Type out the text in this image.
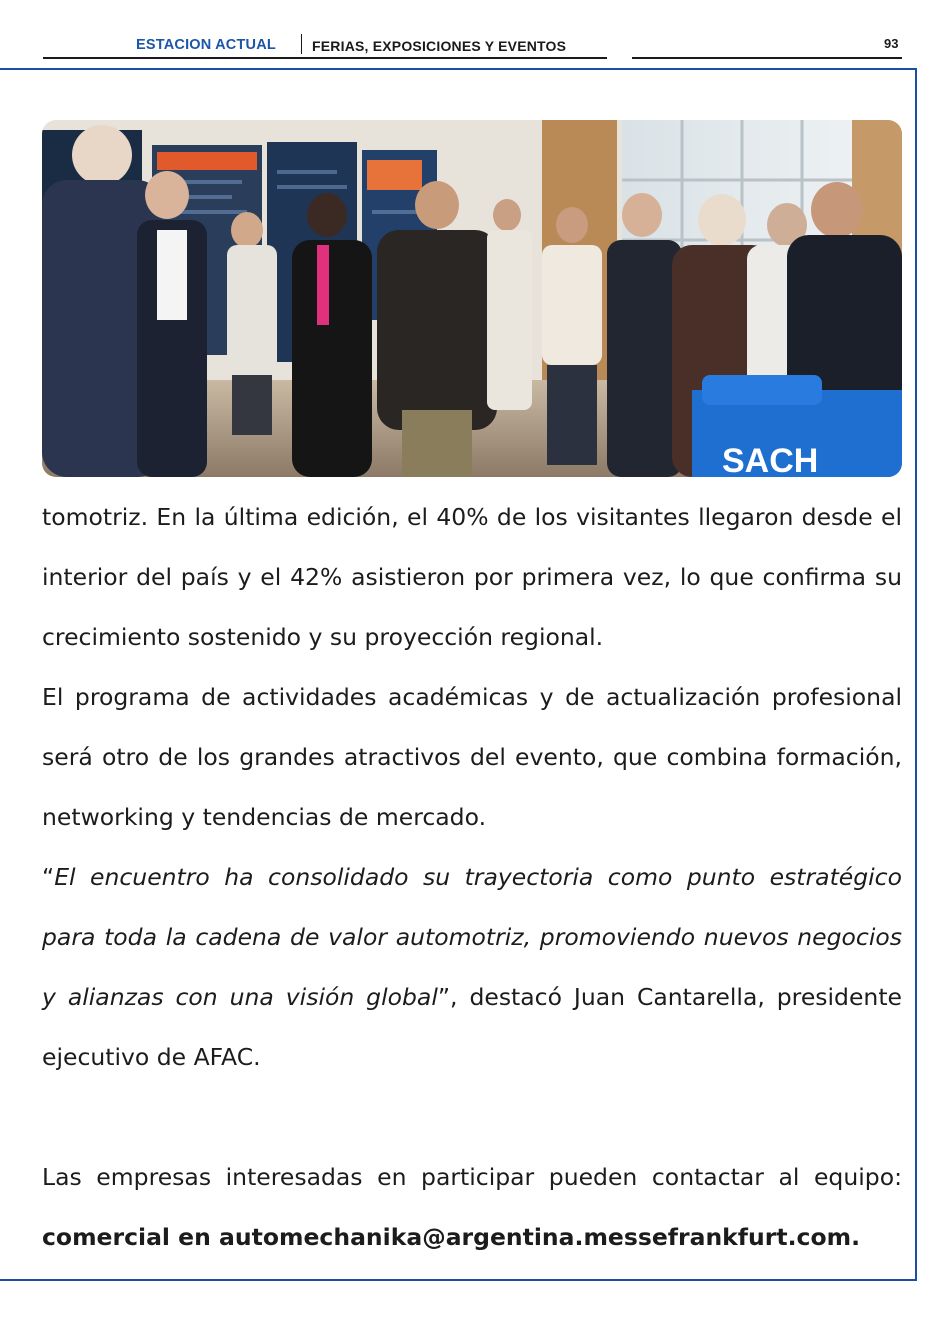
ESTACION ACTUAL	FERIAS, EXPOSICIONES Y EVENTOS	93
SACH

tomotriz. En la última edición, el 40% de los visitantes llegaron desde el interior del país y el 42% asistieron por primera vez, lo que confirma su crecimiento sostenido y su proyección regional.

El programa de actividades académicas y de actualización profesional será otro de los grandes atractivos del evento, que combina formación, networking y tendencias de mercado.

“El encuentro ha consolidado su trayectoria como punto estratégico para toda la cadena de valor automotriz, promoviendo nuevos negocios y alianzas con una visión global”, destacó Juan Cantarella, presidente ejecutivo de AFAC.

Las empresas interesadas en participar pueden contactar al equipo:

comercial en automechanika@argentina.messefrankfurt.com.
